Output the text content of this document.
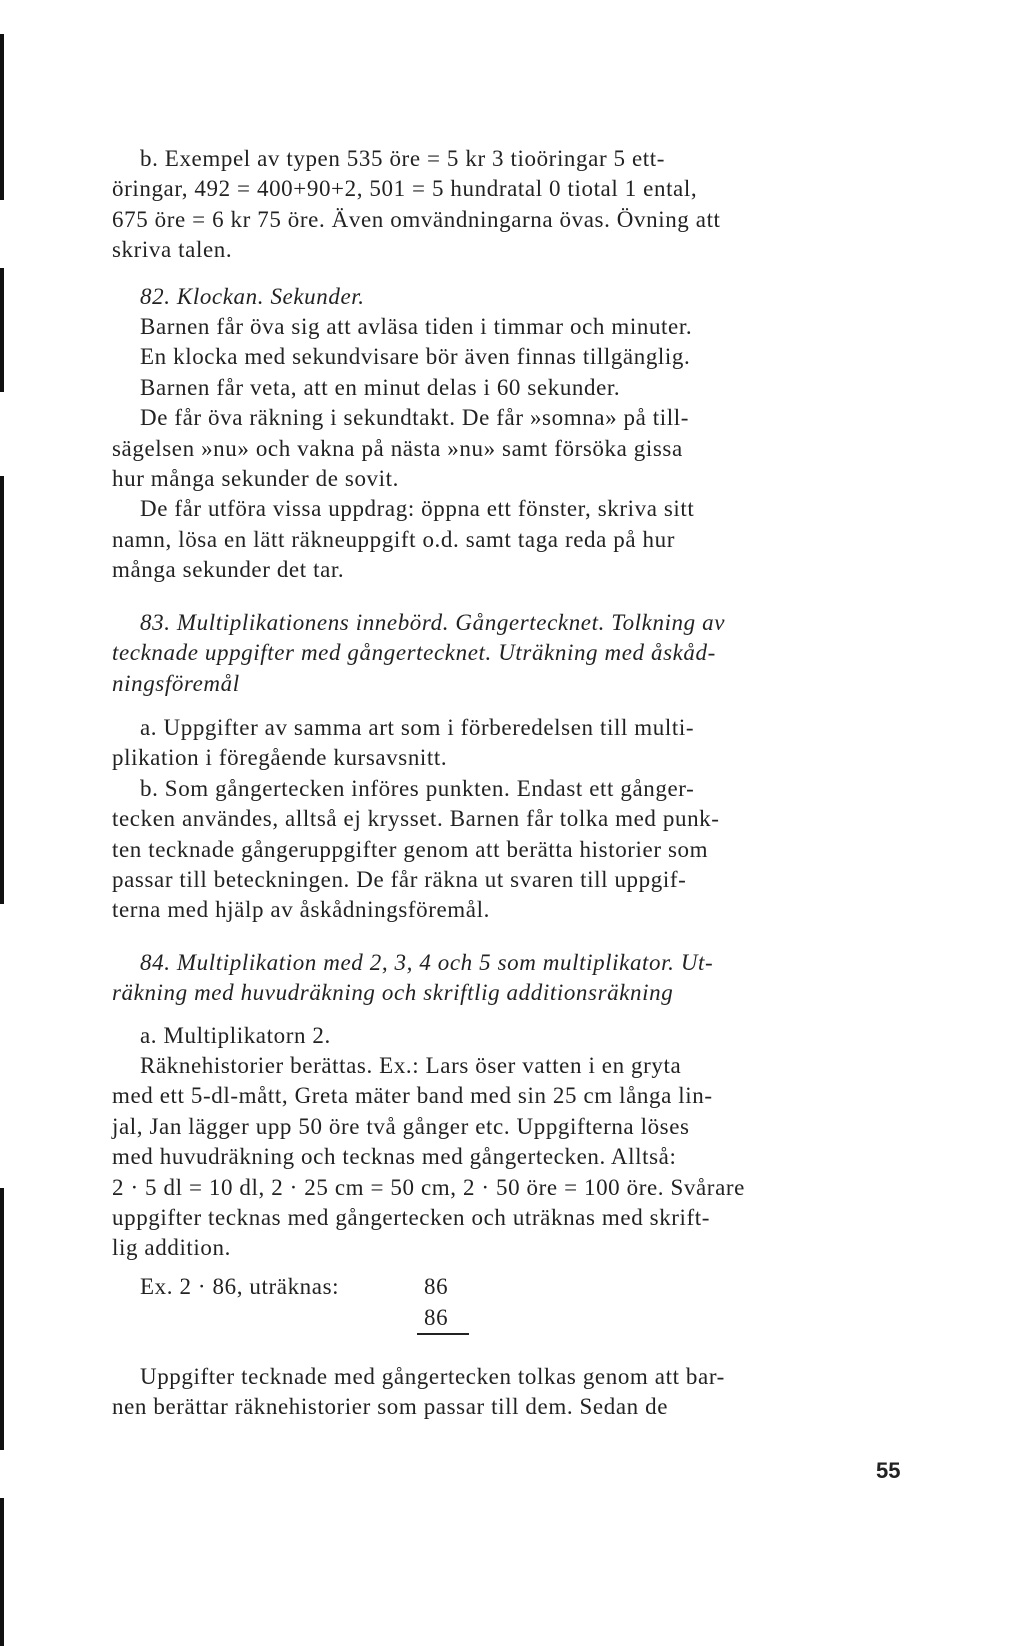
b. Exempel av typen 535 öre = 5 kr 3 tioöringar 5 ett-

öringar, 492 = 400+90+2, 501 = 5 hundratal 0 tiotal 1 ental,

675 öre = 6 kr 75 öre. Även omvändningarna övas. Övning att

skriva talen.

82. Klockan. Sekunder.

Barnen får öva sig att avläsa tiden i timmar och minuter.

En klocka med sekundvisare bör även finnas tillgänglig.

Barnen får veta, att en minut delas i 60 sekunder.

De får öva räkning i sekundtakt. De får »somna» på till-

sägelsen »nu» och vakna på nästa »nu» samt försöka gissa

hur många sekunder de sovit.

De får utföra vissa uppdrag: öppna ett fönster, skriva sitt

namn, lösa en lätt räkneuppgift o.d. samt taga reda på hur

många sekunder det tar.

83. Multiplikationens innebörd. Gångertecknet. Tolkning av

tecknade uppgifter med gångertecknet. Uträkning med åskåd-

ningsföremål

a. Uppgifter av samma art som i förberedelsen till multi-

plikation i föregående kursavsnitt.

b. Som gångertecken införes punkten. Endast ett gånger-

tecken användes, alltså ej krysset. Barnen får tolka med punk-

ten tecknade gångeruppgifter genom att berätta historier som

passar till beteckningen. De får räkna ut svaren till uppgif-

terna med hjälp av åskådningsföremål.

84. Multiplikation med 2, 3, 4 och 5 som multiplikator. Ut-

räkning med huvudräkning och skriftlig additionsräkning

a. Multiplikatorn 2.

Räknehistorier berättas. Ex.: Lars öser vatten i en gryta

med ett 5-dl-mått, Greta mäter band med sin 25 cm långa lin-

jal, Jan lägger upp 50 öre två gånger etc. Uppgifterna löses

med huvudräkning och tecknas med gångertecken. Alltså:

2 · 5 dl = 10 dl, 2 · 25 cm = 50 cm, 2 · 50 öre = 100 öre. Svårare

uppgifter tecknas med gångertecken och uträknas med skrift-

lig addition.

Ex. 2 · 86, uträknas:	86
86

Uppgifter tecknade med gångertecken tolkas genom att bar-

nen berättar räknehistorier som passar till dem. Sedan de

55
